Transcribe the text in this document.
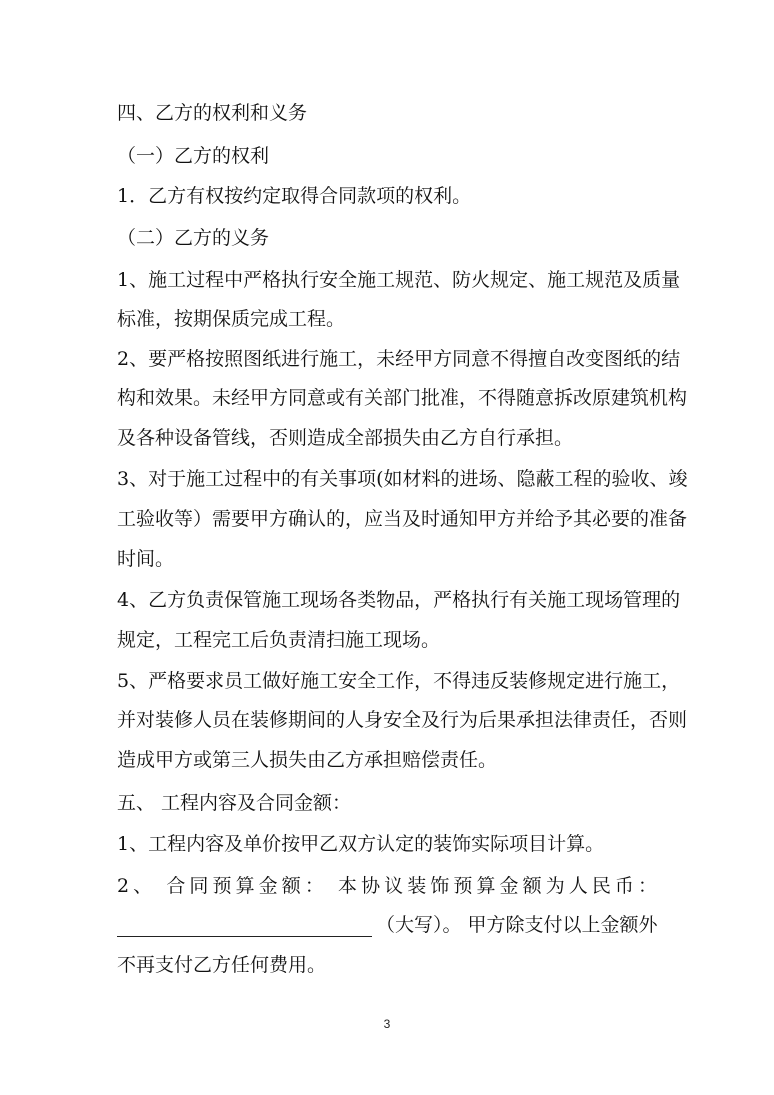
四、乙方的权利和义务
（一）乙方的权利
1．乙方有权按约定取得合同款项的权利。
（二）乙方的义务
1、施工过程中严格执行安全施工规范、防火规定、施工规范及质量
标准，按期保质完成工程。
2、要严格按照图纸进行施工，未经甲方同意不得擅自改变图纸的结
构和效果。未经甲方同意或有关部门批准，不得随意拆改原建筑机构
及各种设备管线，否则造成全部损失由乙方自行承担。
3、对于施工过程中的有关事项(如材料的进场、隐蔽工程的验收、竣
工验收等）需要甲方确认的，应当及时通知甲方并给予其必要的准备
时间。
4、乙方负责保管施工现场各类物品，严格执行有关施工现场管理的
规定，工程完工后负责清扫施工现场。
5、严格要求员工做好施工安全工作，不得违反装修规定进行施工，
并对装修人员在装修期间的人身安全及行为后果承担法律责任，否则
造成甲方或第三人损失由乙方承担赔偿责任。
五、 工程内容及合同金额：
1、工程内容及单价按甲乙双方认定的装饰实际项目计算。
2、 合同预算金额： 本协议装饰预算金额为人民币：
（大写）。 甲方除支付以上金额外
不再支付乙方任何费用。
3
